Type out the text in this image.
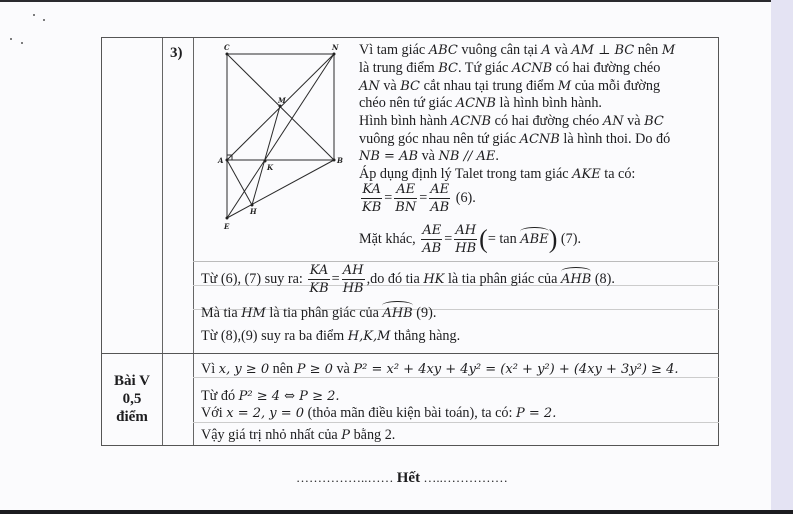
3)	C	N
M
A
K
B
H
E
Vì tam giác ABC vuông cân tại A và AM ⊥ BC nên M
là trung điểm BC. Tứ giác ACNB có hai đường chéo
AN và BC cắt nhau tại trung điểm M của mỗi đường
chéo nên tứ giác ACNB là hình bình hành.
Hình bình hành ACNB có hai đường chéo AN và BC
vuông góc nhau nên tứ giác ACNB là hình thoi. Do đó
NB = AB và NB // AE.
Áp dụng định lý Talet trong tam giác AKE ta có:
$\frac{KA}{KB} = \frac{AE}{BN} = \frac{AE}{AB} (6)$.
Mặt khác, $\frac{AE}{AB} = \frac{AH}{HB}$ (= tan ABE) (7).
Từ (6), (7) suy ra: $\frac{KA}{KB} = \frac{AH}{HB} ,do$ đó tia HK là tia phân giác của AHB (8).
Mà tia HM là tia phân giác của AHB (9).
Từ (8),(9) suy ra ba điểm H,K,M thẳng hàng.
Bài V
0,5
điểm
Vì x, y ≥ 0 nên P ≥ 0 và P² = x² + 4xy + 4y² = (x² + y²) + (4xy + 3y²) ≥ 4.
Từ đó P² ≥ 4 ⇔ P ≥ 2.
Với x = 2, y = 0 (thỏa mãn điều kiện bài toán), ta có: P = 2.
Vậy giá trị nhỏ nhất của P bằng 2.
……………..…… Hết …..……………
